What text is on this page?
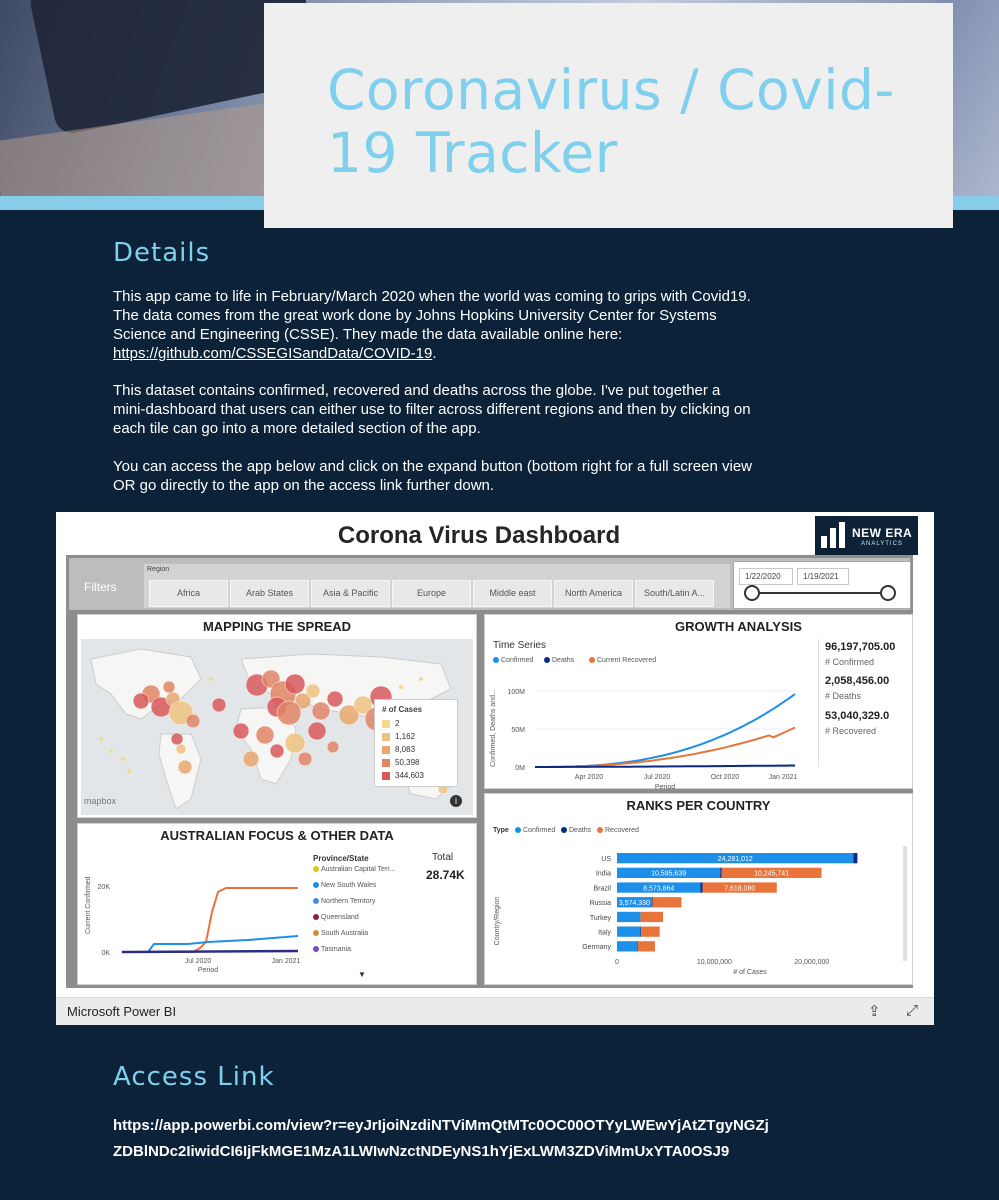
Coronavirus / Covid-19 Tracker
Details

This app came to life in February/March 2020 when the world was coming to grips with Covid19. The data comes from the great work done by Johns Hopkins University Center for Systems Science and Engineering (CSSE). They made the data available online here: https://github.com/CSSEGISandData/COVID-19.

This dataset contains confirmed, recovered and deaths across the globe. I've put together a mini-dashboard that users can either use to filter across different regions and then by clicking on each tile can go into a more detailed section of the app.

You can access the app below and click on the expand button (bottom right for a full screen view OR go directly to the app on the access link further down.

Corona Virus Dashboard	NEW ERA
ANALYTICS
Filters
Region
1/22/2020	1/19/2021
Africa	Arab States	Asia & Pacific	Europe	Middle east	North America	South/Latin A...
MAPPING THE SPREAD
# of Cases
2
1,162
8,083
50,398
344,603
mapbox	i
GROWTH ANALYSIS
Time Series
Confirmed	Deaths	Current Recovered
Confirmed, Deaths and... 100M
50M
0M
Apr 2020	Jul 2020	Oct 2020	Jan 2021
Period
96,197,705.00
# Confirmed
2,058,456.00
# Deaths
53,040,329.0
# Recovered
AUSTRALIAN FOCUS & OTHER DATA
Current Confirmed 20K
0K
Jul 2020	Jan 2021
Period
Province/State
Australian Capital Terr...
New South Wales
Northern Territory
Queensland
South Australia
Tasmania
Total
28.74K
▼
RANKS PER COUNTRY
Type	Confirmed	Deaths	Recovered
Country/Region
US	24,281,012
India	10,595,639	10,245,741
Brazil	8,573,864	7,618,080
Russia 3,574,330
Turkey
Italy
Germany
0	10,000,000	20,000,000
# of Cases
Microsoft Power BI	⇪ ⤢
Access Link
https://app.powerbi.com/view?r=eyJrIjoiNzdiNTViMmQtMTc0OC00OTYyLWEwYjAtZTgyNGZjZDBlNDc2IiwidCI6IjFkMGE1MzA1LWIwNzctNDEyNS1hYjExLWM3ZDViMmUxYTA0OSJ9
